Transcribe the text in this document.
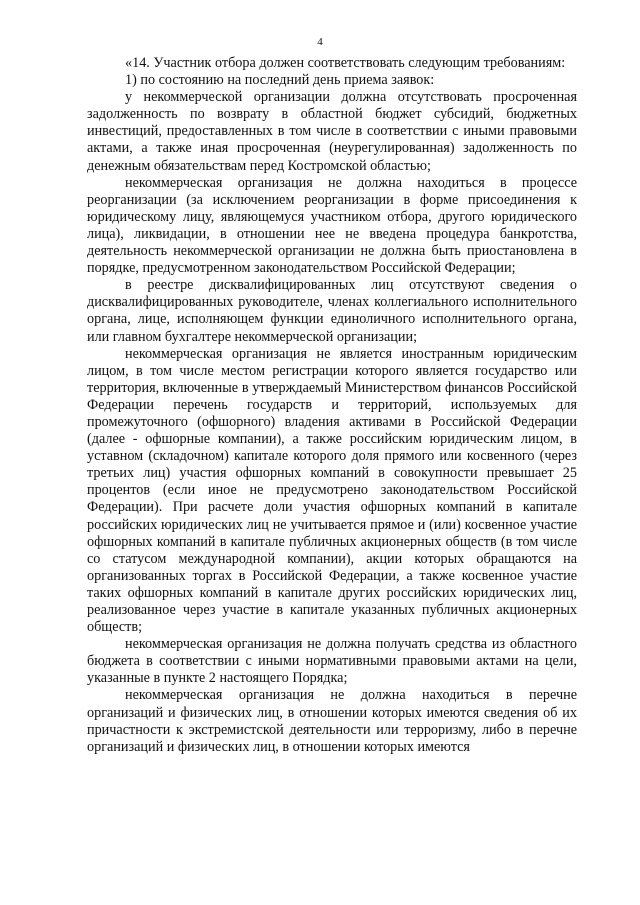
4

«14. Участник отбора должен соответствовать следующим требованиям:

1) по состоянию на последний день приема заявок:

у некоммерческой организации должна отсутствовать просроченная задолженность по возврату в областной бюджет субсидий, бюджетных инвестиций, предоставленных в том числе в соответствии с иными правовыми актами, а также иная просроченная (неурегулированная) задолженность по денежным обязательствам перед Костромской областью;

некоммерческая организация не должна находиться в процессе реорганизации (за исключением реорганизации в форме присоединения к юридическому лицу, являющемуся участником отбора, другого юридического лица), ликвидации, в отношении нее не введена процедура банкротства, деятельность некоммерческой организации не должна быть приостановлена в порядке, предусмотренном законодательством Российской Федерации;

в реестре дисквалифицированных лиц отсутствуют сведения о дисквалифицированных руководителе, членах коллегиального исполнительного органа, лице, исполняющем функции единоличного исполнительного органа, или главном бухгалтере некоммерческой организации;

некоммерческая организация не является иностранным юридическим лицом, в том числе местом регистрации которого является государство или территория, включенные в утверждаемый Министерством финансов Российской Федерации перечень государств и территорий, используемых для промежуточного (офшорного) владения активами в Российской Федерации (далее - офшорные компании), а также российским юридическим лицом, в уставном (складочном) капитале которого доля прямого или косвенного (через третьих лиц) участия офшорных компаний в совокупности превышает 25 процентов (если иное не предусмотрено законодательством Российской Федерации). При расчете доли участия офшорных компаний в капитале российских юридических лиц не учитывается прямое и (или) косвенное участие офшорных компаний в капитале публичных акционерных обществ (в том числе со статусом международной компании), акции которых обращаются на организованных торгах в Российской Федерации, а также косвенное участие таких офшорных компаний в капитале других российских юридических лиц, реализованное через участие в капитале указанных публичных акционерных обществ;

некоммерческая организация не должна получать средства из областного бюджета в соответствии с иными нормативными правовыми актами на цели, указанные в пункте 2 настоящего Порядка;

некоммерческая организация не должна находиться в перечне организаций и физических лиц, в отношении которых имеются сведения об их причастности к экстремистской деятельности или терроризму, либо в перечне организаций и физических лиц, в отношении которых имеются
